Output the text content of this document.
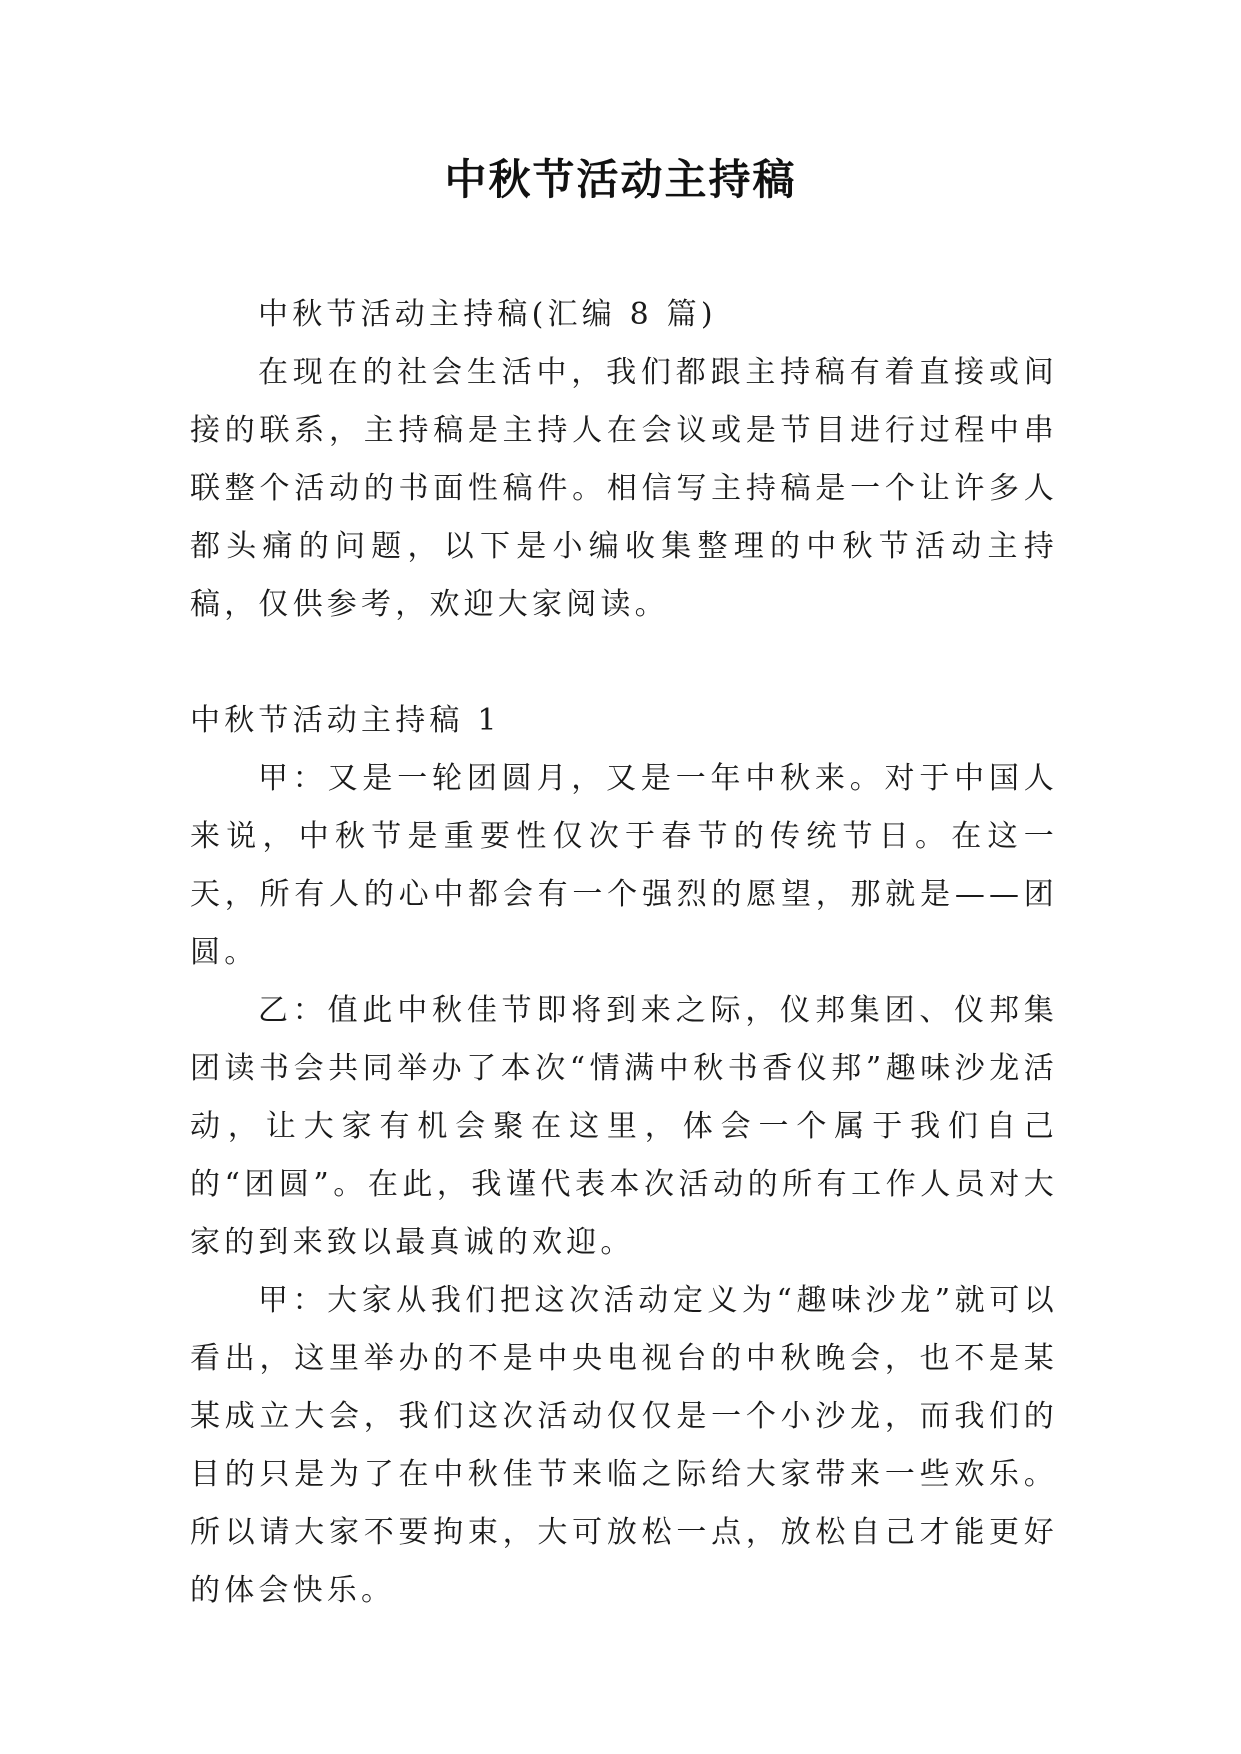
中秋节活动主持稿

中秋节活动主持稿(汇编 8 篇)

在现在的社会生活中，我们都跟主持稿有着直接或间接的联系，主持稿是主持人在会议或是节目进行过程中串联整个活动的书面性稿件。相信写主持稿是一个让许多人都头痛的问题，以下是小编收集整理的中秋节活动主持稿，仅供参考，欢迎大家阅读。

中秋节活动主持稿 1

甲：又是一轮团圆月，又是一年中秋来。对于中国人来说，中秋节是重要性仅次于春节的传统节日。在这一天，所有人的心中都会有一个强烈的愿望，那就是——团圆。

乙：值此中秋佳节即将到来之际，仪邦集团、仪邦集团读书会共同举办了本次“情满中秋书香仪邦”趣味沙龙活动，让大家有机会聚在这里，体会一个属于我们自己的“团圆”。在此，我谨代表本次活动的所有工作人员对大家的到来致以最真诚的欢迎。

甲：大家从我们把这次活动定义为“趣味沙龙”就可以看出，这里举办的不是中央电视台的中秋晚会，也不是某某成立大会，我们这次活动仅仅是一个小沙龙，而我们的目的只是为了在中秋佳节来临之际给大家带来一些欢乐。所以请大家不要拘束，大可放松一点，放松自己才能更好的体会快乐。
